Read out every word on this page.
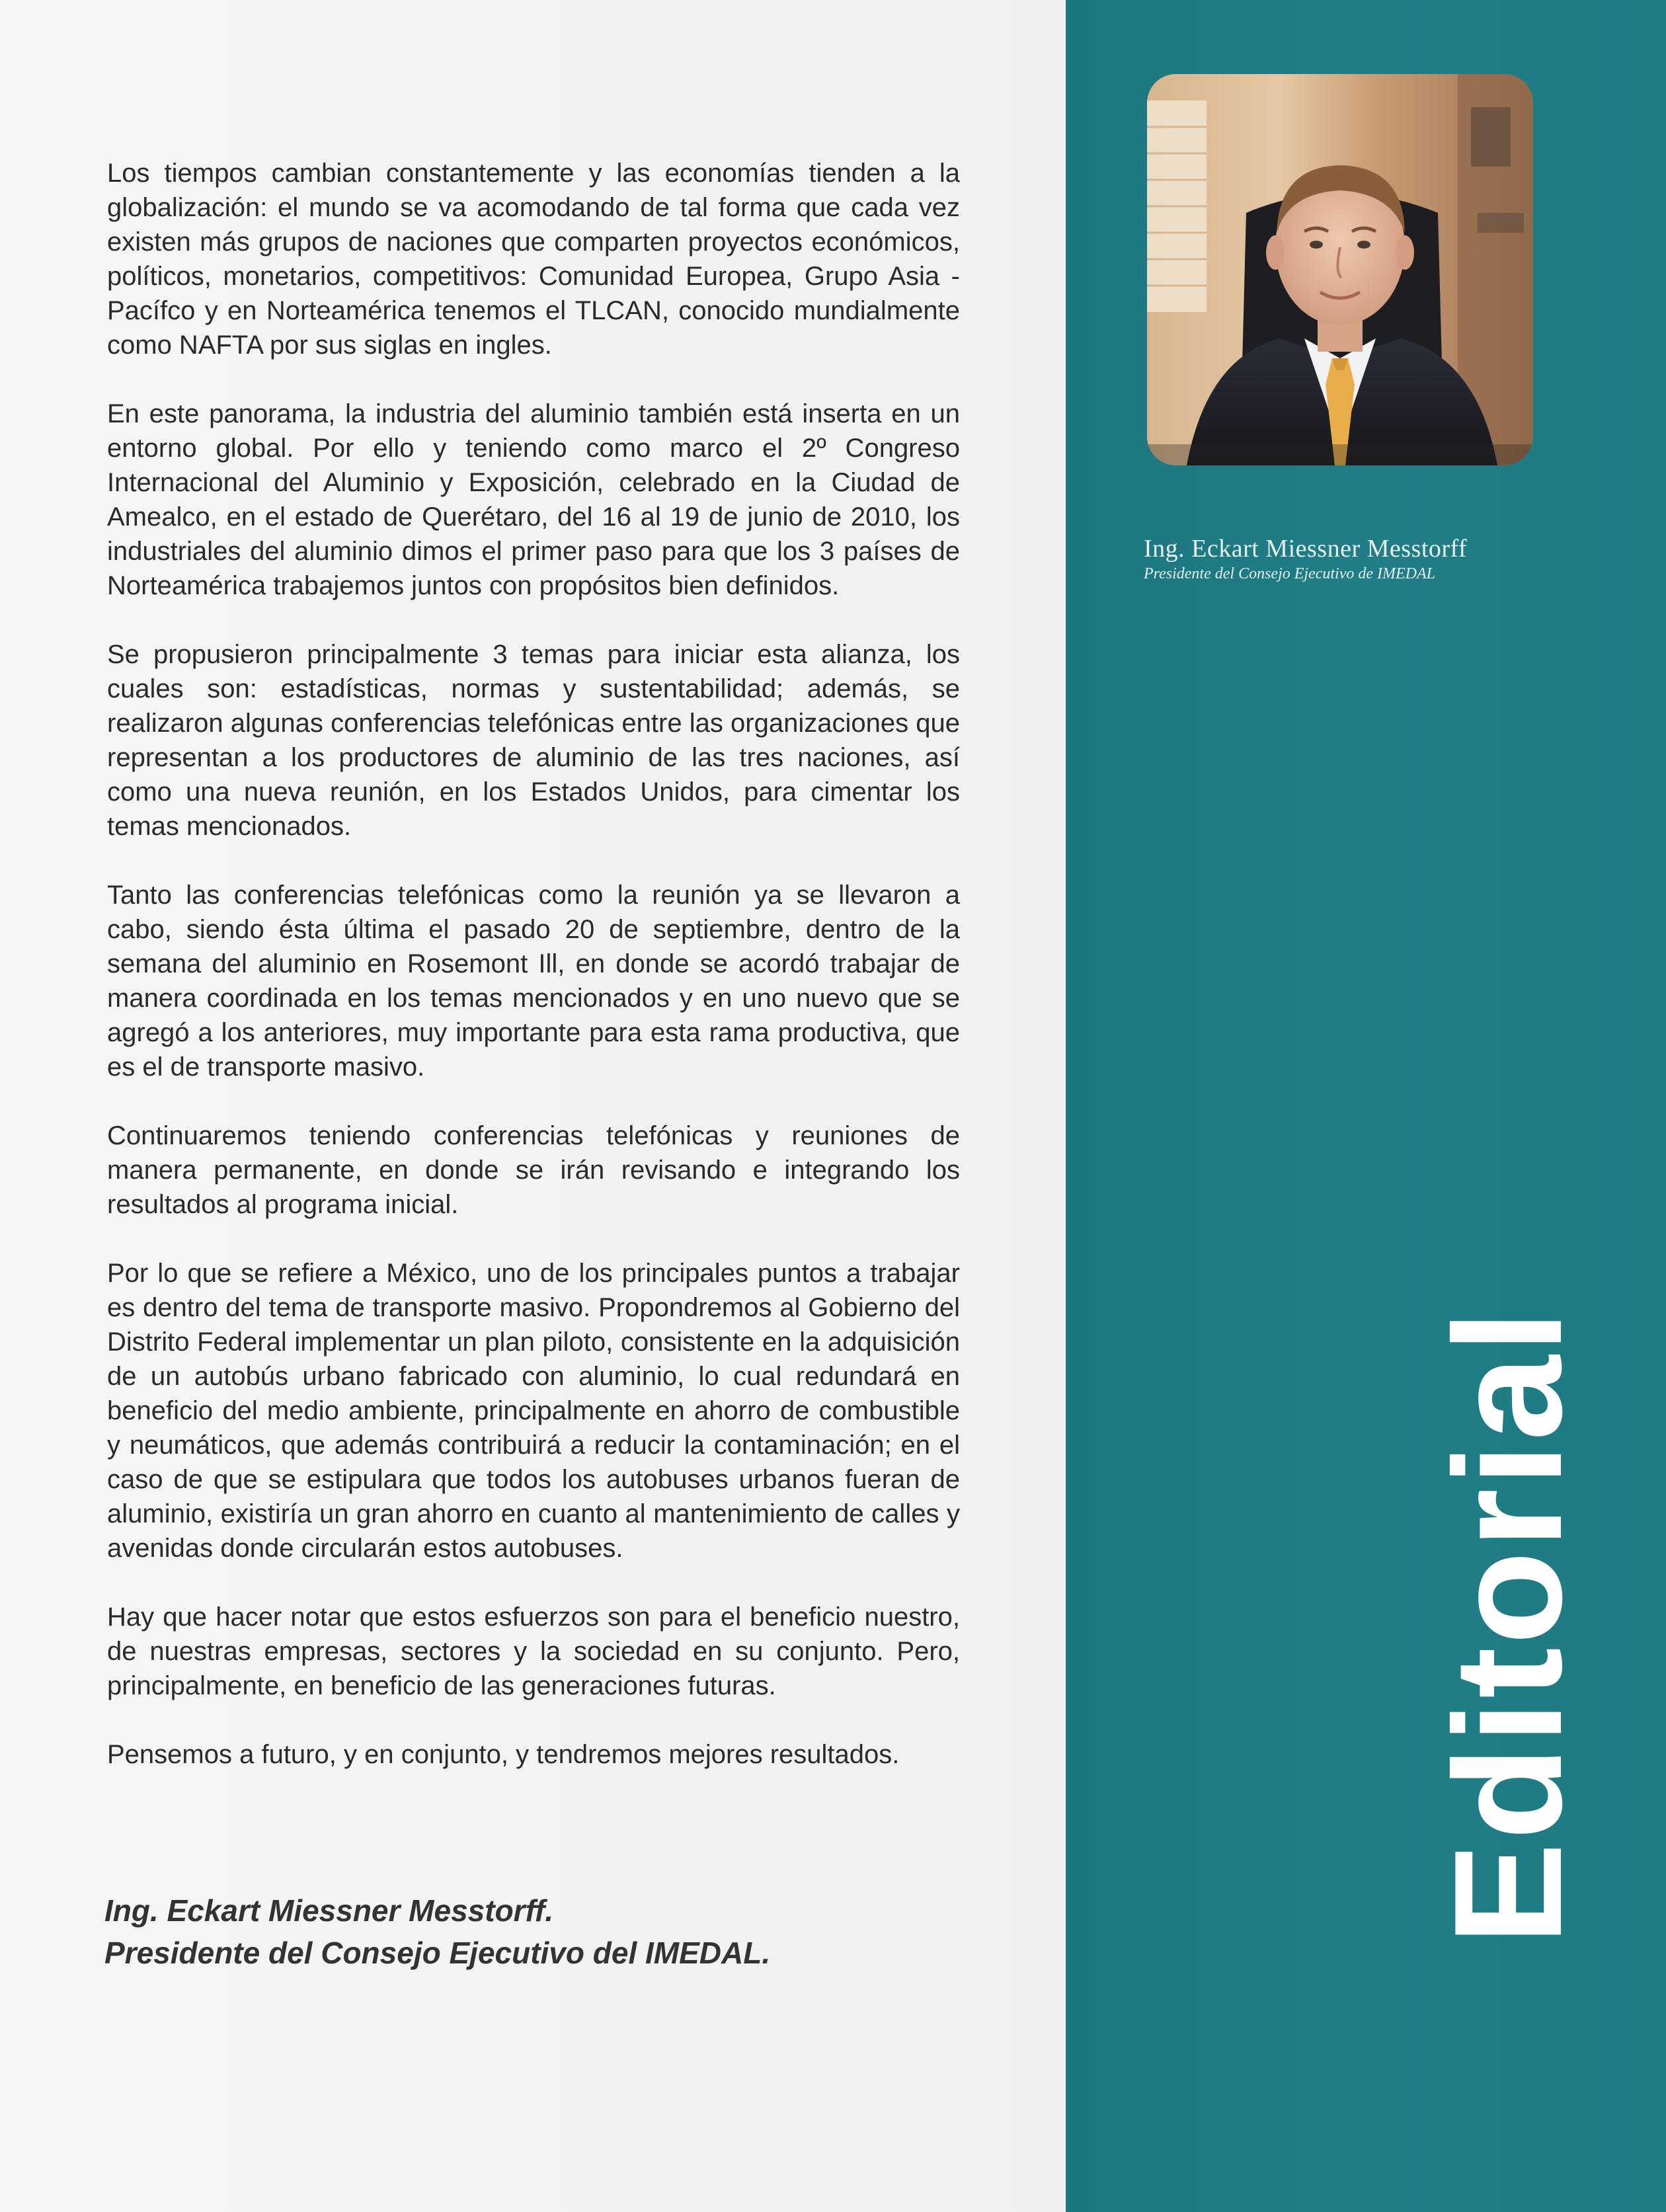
Los tiempos cambian constantemente y las economías tienden a la globalización: el mundo se va acomodando de tal forma que cada vez existen más grupos de naciones que comparten proyectos económicos, políticos, monetarios, competitivos: Comunidad Europea, Grupo Asia - Pacífco y en Norteamérica tenemos el TLCAN, conocido mundialmente como NAFTA por sus siglas en ingles.

En este panorama, la industria del aluminio también está inserta en un entorno global. Por ello y teniendo como marco el 2º Congreso Internacional del Aluminio y Exposición, celebrado en la Ciudad de Amealco, en el estado de Querétaro, del 16 al 19 de junio de 2010, los industriales del aluminio dimos el primer paso para que los 3 países de Norteamérica trabajemos juntos con propósitos bien definidos.

Se propusieron principalmente 3 temas para iniciar esta alianza, los cuales son: estadísticas, normas y sustentabilidad; además, se realizaron algunas conferencias telefónicas entre las organizaciones que representan a los productores de aluminio de las tres naciones, así como una nueva reunión, en los Estados Unidos, para cimentar los temas mencionados.

Tanto las conferencias telefónicas como la reunión ya se llevaron a cabo, siendo ésta última el pasado 20 de septiembre, dentro de la semana del aluminio en Rosemont Ill, en donde se acordó trabajar de manera coordinada en los temas mencionados y en uno nuevo que se agregó a los anteriores, muy importante para esta rama productiva, que es el de transporte masivo.

Continuaremos teniendo conferencias telefónicas y reuniones de manera permanente, en donde se irán revisando e integrando los resultados al programa inicial.

Por lo que se refiere a México, uno de los principales puntos a trabajar es dentro del tema de transporte masivo. Propondremos al Gobierno del Distrito Federal implementar un plan piloto, consistente en la adquisición de un autobús urbano fabricado con aluminio, lo cual redundará en beneficio del medio ambiente, principalmente en ahorro de combustible y neumáticos, que además contribuirá a reducir la contaminación; en el caso de que se estipulara que todos los autobuses urbanos fueran de aluminio, existiría un gran ahorro en cuanto al mantenimiento de calles y avenidas donde circularán estos autobuses.

Hay que hacer notar que estos esfuerzos son para el beneficio nuestro, de nuestras empresas, sectores y la sociedad en su conjunto. Pero, principalmente, en beneficio de las generaciones futuras.

Pensemos a futuro, y en conjunto, y tendremos mejores resultados.

Ing. Eckart Miessner Messtorff.
Presidente del Consejo Ejecutivo del IMEDAL.
Ing. Eckart Miessner Messtorff
Presidente del Consejo Ejecutivo de IMEDAL
Editorial
